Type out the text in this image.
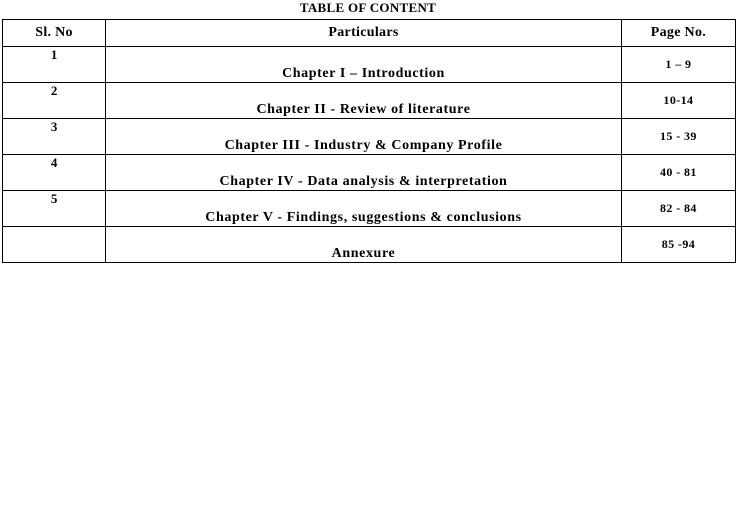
TABLE OF CONTENT
Sl. No	Particulars	Page No.
1	Chapter I – Introduction	1 – 9
2	Chapter II - Review of literature	10-14
3	Chapter III - Industry & Company Profile	15 - 39
4	Chapter IV - Data analysis & interpretation	40 - 81
5	Chapter V - Findings, suggestions & conclusions	82 - 84
	Annexure	85 -94
